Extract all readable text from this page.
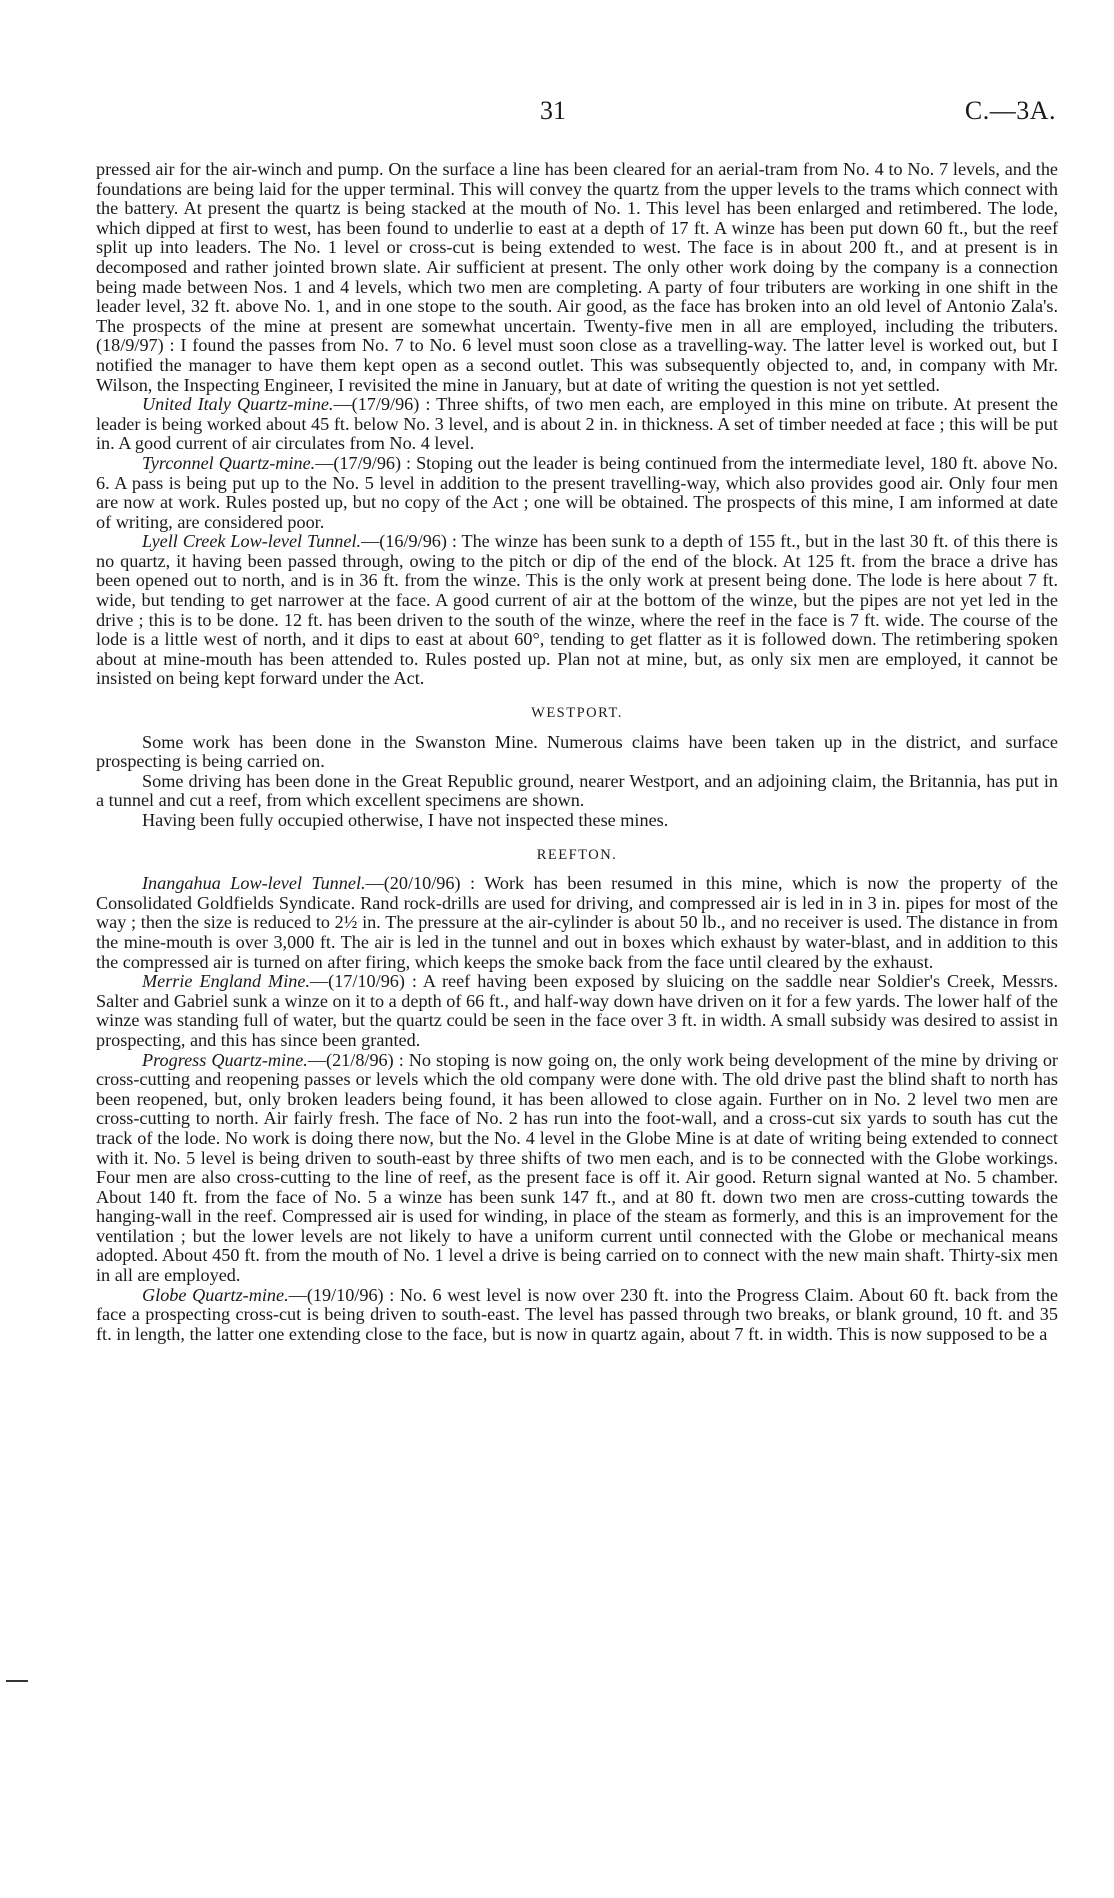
31	C.—3A.

pressed air for the air-winch and pump. On the surface a line has been cleared for an aerial-tram from No. 4 to No. 7 levels, and the foundations are being laid for the upper terminal. This will convey the quartz from the upper levels to the trams which connect with the battery. At present the quartz is being stacked at the mouth of No. 1. This level has been enlarged and retimbered. The lode, which dipped at first to west, has been found to underlie to east at a depth of 17 ft. A winze has been put down 60 ft., but the reef split up into leaders. The No. 1 level or cross-cut is being extended to west. The face is in about 200 ft., and at present is in decomposed and rather jointed brown slate. Air sufficient at present. The only other work doing by the company is a connection being made between Nos. 1 and 4 levels, which two men are completing. A party of four tributers are working in one shift in the leader level, 32 ft. above No. 1, and in one stope to the south. Air good, as the face has broken into an old level of Antonio Zala's. The prospects of the mine at present are somewhat uncertain. Twenty-five men in all are employed, including the tributers. (18/9/97) : I found the passes from No. 7 to No. 6 level must soon close as a travelling-way. The latter level is worked out, but I notified the manager to have them kept open as a second outlet. This was subsequently objected to, and, in company with Mr. Wilson, the Inspecting Engineer, I revisited the mine in January, but at date of writing the question is not yet settled.

United Italy Quartz-mine.—(17/9/96) : Three shifts, of two men each, are employed in this mine on tribute. At present the leader is being worked about 45 ft. below No. 3 level, and is about 2 in. in thickness. A set of timber needed at face ; this will be put in. A good current of air circulates from No. 4 level.

Tyrconnel Quartz-mine.—(17/9/96) : Stoping out the leader is being continued from the intermediate level, 180 ft. above No. 6. A pass is being put up to the No. 5 level in addition to the present travelling-way, which also provides good air. Only four men are now at work. Rules posted up, but no copy of the Act ; one will be obtained. The prospects of this mine, I am informed at date of writing, are considered poor.

Lyell Creek Low-level Tunnel.—(16/9/96) : The winze has been sunk to a depth of 155 ft., but in the last 30 ft. of this there is no quartz, it having been passed through, owing to the pitch or dip of the end of the block. At 125 ft. from the brace a drive has been opened out to north, and is in 36 ft. from the winze. This is the only work at present being done. The lode is here about 7 ft. wide, but tending to get narrower at the face. A good current of air at the bottom of the winze, but the pipes are not yet led in the drive ; this is to be done. 12 ft. has been driven to the south of the winze, where the reef in the face is 7 ft. wide. The course of the lode is a little west of north, and it dips to east at about 60°, tending to get flatter as it is followed down. The retimbering spoken about at mine-mouth has been attended to. Rules posted up. Plan not at mine, but, as only six men are employed, it cannot be insisted on being kept forward under the Act.

WESTPORT.

Some work has been done in the Swanston Mine. Numerous claims have been taken up in the district, and surface prospecting is being carried on.

Some driving has been done in the Great Republic ground, nearer Westport, and an adjoining claim, the Britannia, has put in a tunnel and cut a reef, from which excellent specimens are shown.

Having been fully occupied otherwise, I have not inspected these mines.

REEFTON.

Inangahua Low-level Tunnel.—(20/10/96) : Work has been resumed in this mine, which is now the property of the Consolidated Goldfields Syndicate. Rand rock-drills are used for driving, and compressed air is led in in 3 in. pipes for most of the way ; then the size is reduced to 2½ in. The pressure at the air-cylinder is about 50 lb., and no receiver is used. The distance in from the mine-mouth is over 3,000 ft. The air is led in the tunnel and out in boxes which exhaust by water-blast, and in addition to this the compressed air is turned on after firing, which keeps the smoke back from the face until cleared by the exhaust.

Merrie England Mine.—(17/10/96) : A reef having been exposed by sluicing on the saddle near Soldier's Creek, Messrs. Salter and Gabriel sunk a winze on it to a depth of 66 ft., and half-way down have driven on it for a few yards. The lower half of the winze was standing full of water, but the quartz could be seen in the face over 3 ft. in width. A small subsidy was desired to assist in prospecting, and this has since been granted.

Progress Quartz-mine.—(21/8/96) : No stoping is now going on, the only work being development of the mine by driving or cross-cutting and reopening passes or levels which the old company were done with. The old drive past the blind shaft to north has been reopened, but, only broken leaders being found, it has been allowed to close again. Further on in No. 2 level two men are cross-cutting to north. Air fairly fresh. The face of No. 2 has run into the foot-wall, and a cross-cut six yards to south has cut the track of the lode. No work is doing there now, but the No. 4 level in the Globe Mine is at date of writing being extended to connect with it. No. 5 level is being driven to south-east by three shifts of two men each, and is to be connected with the Globe workings. Four men are also cross-cutting to the line of reef, as the present face is off it. Air good. Return signal wanted at No. 5 chamber. About 140 ft. from the face of No. 5 a winze has been sunk 147 ft., and at 80 ft. down two men are cross-cutting towards the hanging-wall in the reef. Compressed air is used for winding, in place of the steam as formerly, and this is an improvement for the ventilation ; but the lower levels are not likely to have a uniform current until connected with the Globe or mechanical means adopted. About 450 ft. from the mouth of No. 1 level a drive is being carried on to connect with the new main shaft. Thirty-six men in all are employed.

Globe Quartz-mine.—(19/10/96) : No. 6 west level is now over 230 ft. into the Progress Claim. About 60 ft. back from the face a prospecting cross-cut is being driven to south-east. The level has passed through two breaks, or blank ground, 10 ft. and 35 ft. in length, the latter one extending close to the face, but is now in quartz again, about 7 ft. in width. This is now supposed to be a
